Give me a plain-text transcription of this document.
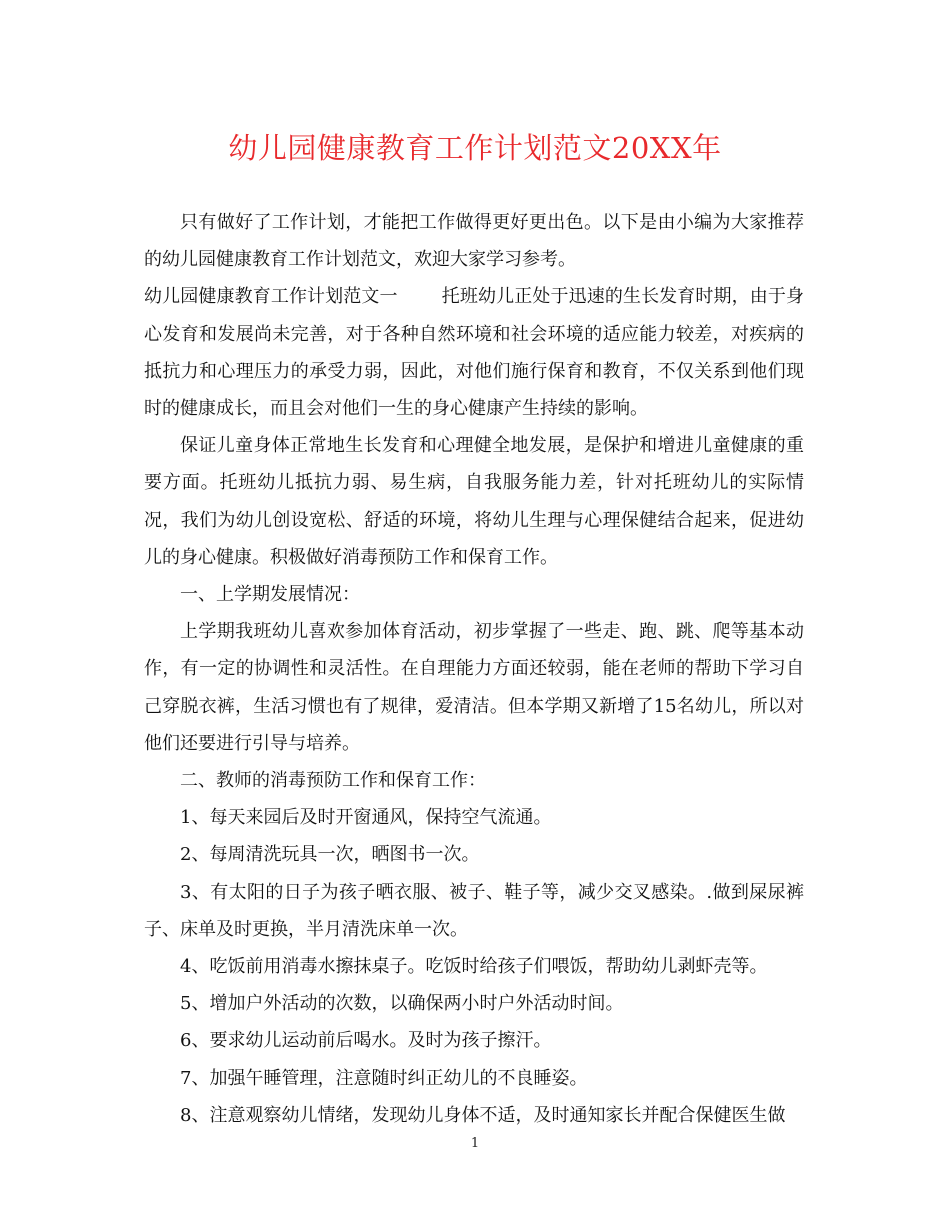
幼儿园健康教育工作计划范文20XX年

只有做好了工作计划，才能把工作做得更好更出色。以下是由小编为大家推荐的幼儿园健康教育工作计划范文，欢迎大家学习参考。

幼儿园健康教育工作计划范文一 托班幼儿正处于迅速的生长发育时期，由于身心发育和发展尚未完善，对于各种自然环境和社会环境的适应能力较差，对疾病的抵抗力和心理压力的承受力弱，因此，对他们施行保育和教育，不仅关系到他们现时的健康成长，而且会对他们一生的身心健康产生持续的影响。

保证儿童身体正常地生长发育和心理健全地发展，是保护和增进儿童健康的重要方面。托班幼儿抵抗力弱、易生病，自我服务能力差，针对托班幼儿的实际情况，我们为幼儿创设宽松、舒适的环境，将幼儿生理与心理保健结合起来，促进幼儿的身心健康。积极做好消毒预防工作和保育工作。

一、上学期发展情况：

上学期我班幼儿喜欢参加体育活动，初步掌握了一些走、跑、跳、爬等基本动作，有一定的协调性和灵活性。在自理能力方面还较弱，能在老师的帮助下学习自己穿脱衣裤，生活习惯也有了规律，爱清洁。但本学期又新增了15名幼儿，所以对他们还要进行引导与培养。

二、教师的消毒预防工作和保育工作：

1、每天来园后及时开窗通风，保持空气流通。

2、每周清洗玩具一次，晒图书一次。

3、有太阳的日子为孩子晒衣服、被子、鞋子等，减少交叉感染。.做到屎尿裤子、床单及时更换，半月清洗床单一次。

4、吃饭前用消毒水擦抹桌子。吃饭时给孩子们喂饭，帮助幼儿剥虾壳等。

5、增加户外活动的次数，以确保两小时户外活动时间。

6、要求幼儿运动前后喝水。及时为孩子擦汗。

7、加强午睡管理，注意随时纠正幼儿的不良睡姿。

8、注意观察幼儿情绪，发现幼儿身体不适，及时通知家长并配合保健医生做

1
